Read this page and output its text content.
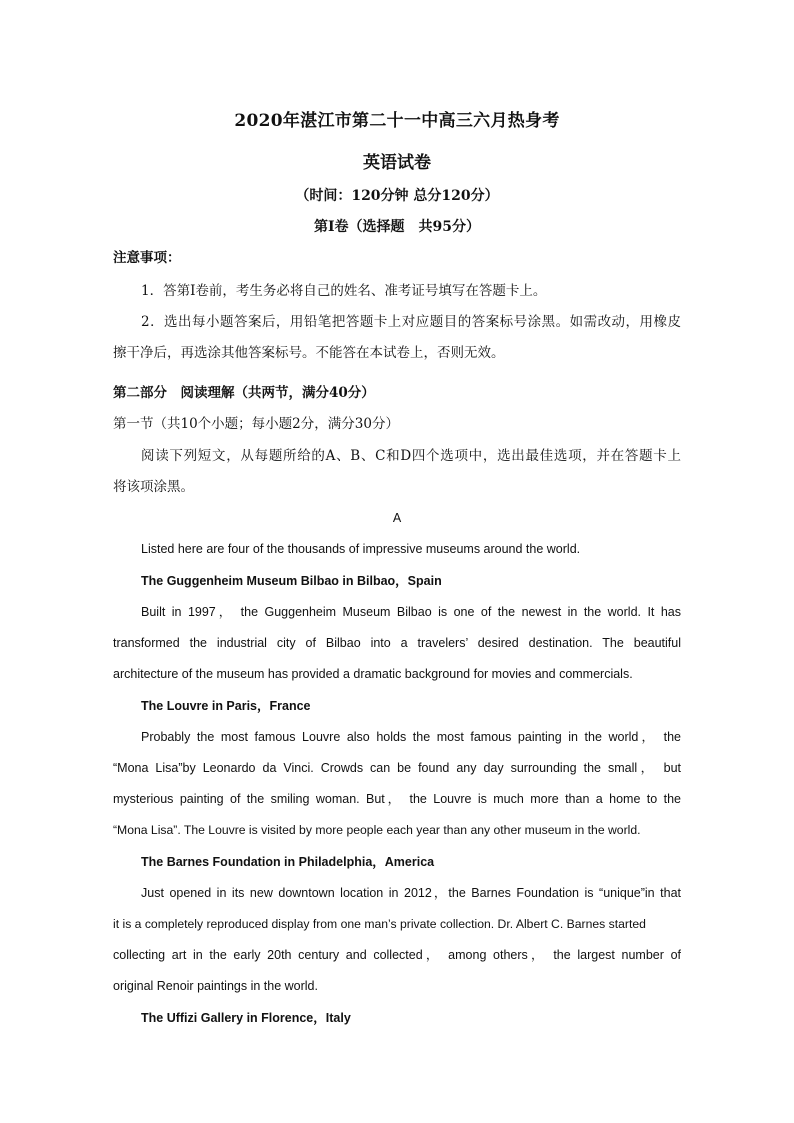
2020年湛江市第二十一中高三六月热身考
英语试卷
（时间：120分钟 总分120分）
第Ⅰ卷（选择题　共95分）
注意事项：
1．答第Ⅰ卷前，考生务必将自己的姓名、准考证号填写在答题卡上。
2．选出每小题答案后，用铅笔把答题卡上对应题目的答案标号涂黑。如需改动，用橡皮
擦干净后，再选涂其他答案标号。不能答在本试卷上，否则无效。
第二部分　阅读理解（共两节，满分40分）
第一节（共10个小题；每小题2分，满分30分）
阅读下列短文，从每题所给的A、B、C和D四个选项中，选出最佳选项，并在答题卡上
将该项涂黑。
A
Listed here are four of the thousands of impressive museums around the world.
The Guggenheim Museum Bilbao in Bilbao，Spain
Built in 1997， the Guggenheim Museum Bilbao is one of the newest in the world. It has
transformed the industrial city of Bilbao into a travelers’ desired destination. The beautiful
architecture of the museum has provided a dramatic background for movies and commercials.
The Louvre in Paris，France
Probably the most famous Louvre also holds the most famous painting in the world， the
“Mona Lisa”by Leonardo da Vinci. Crowds can be found any day surrounding the small， but
mysterious painting of the smiling woman. But， the Louvre is much more than a home to the
“Mona Lisa”. The Louvre is visited by more people each year than any other museum in the world.
The Barnes Foundation in Philadelphia，America
Just opened in its new downtown location in 2012，the Barnes Foundation is “unique”in that
it is a completely reproduced display from one man’s private collection. Dr. Albert C. Barnes started
collecting art in the early 20th century and collected， among others， the largest number of
original Renoir paintings in the world.
The Uffizi Gallery in Florence，Italy
